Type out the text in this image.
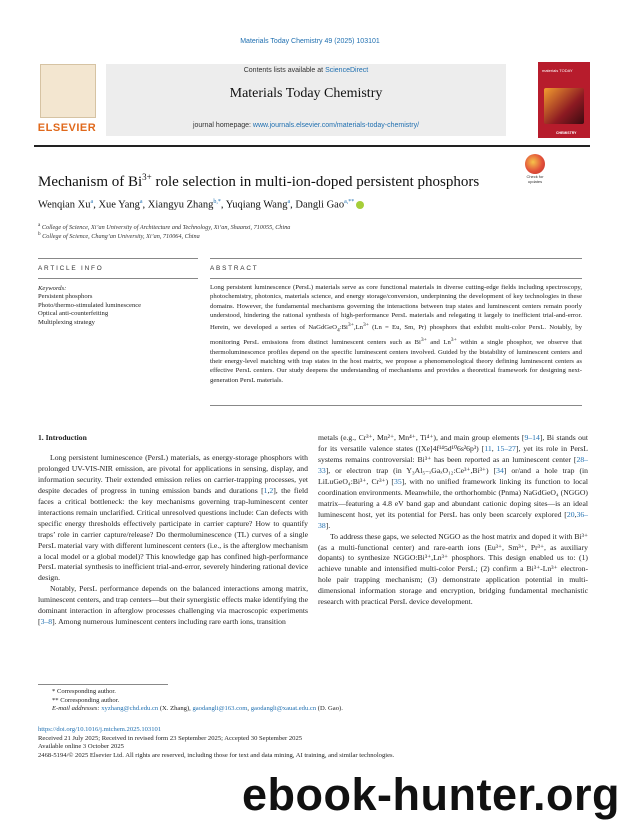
Materials Today Chemistry 49 (2025) 103101
ELSEVIER
Contents lists available at ScienceDirect
Materials Today Chemistry
journal homepage: www.journals.elsevier.com/materials-today-chemistry/
materials TODAY
CHEMISTRY
Mechanism of $Bi^{3+}$ role selection in multi-ion-doped persistent phosphors	Check for updates
Wenqian Xu$^a$, Xue Yang$^a$, Xiangyu Zhang$^{b,*}$, Yuqiang Wang$^a$, Dangli Gao$^{a,**}$
$^a$ College of Science, Xi’an University of Architecture and Technology, Xi’an, Shaanxi, 710055, China
$^b$ College of Science, Chang’an University, Xi’an, 710064, China
ARTICLE INFO	ABSTRACT
Keywords:
Persistent phosphors
Photo/thermo-stimulated luminescence
Optical anti-counterfeiting
Multiplexing strategy
Long persistent luminescence (PersL) materials serve as core functional materials in diverse cutting-edge fields including spectroscopy, photochemistry, photonics, materials science, and energy storage/conversion, underpinning the development of key technologies in these domains. However, the fundamental mechanisms governing the interactions between trap states and luminescent centers remain poorly understood, hindering the rational synthesis of high-performance PersL materials and relegating it largely to inefficient trial-and-error. Herein, we developed a series of $NaGdGeO_4:Bi^{3+},Ln^{3+}$ (Ln = Eu, Sm, Pr) phosphors that exhibit multi-color PersL. Notably, by monitoring PersL emissions from distinct luminescent centers such as $Bi^{3+}$ and $Ln^{3+}$ within a single phosphor, we observe that thermoluminescence profiles depend on the specific luminescent centers involved. Guided by the bistability of luminescent centers and their energy-level matching with trap states in the host matrix, we propose a phenomenological theory defining luminescent centers as effective PersL centers. Our study deepens the understanding of mechanisms and provides a theoretical framework for designing next-generation PersL materials.
1. Introduction

Long persistent luminescence (PersL) materials, as energy-storage phosphors with prolonged UV-VIS-NIR emission, are pivotal for applications in sensing, display, and information security. Their extended emission relies on carrier-trapping processes, yet despite decades of progress in tuning emission bands and durations [1,2], the field faces a critical bottleneck: the key mechanisms governing trap-luminescent center interactions remain unclarified. Critical unresolved questions include: Can defects with specific energy thresholds effectively participate in carrier capture? How to quantify traps’ role in carrier capture/release? Do thermoluminescence (TL) curves of a single PersL material vary with different luminescent centers (i.e., is the afterglow mechanism a local model or a global model)? This knowledge gap has confined high-performance PersL material synthesis to inefficient trial-and-error, severely hindering rational device design.

Notably, PersL performance depends on the balanced interactions among matrix, luminescent centers, and trap centers—but their synergistic effects make identifying the dominant interaction in afterglow processes challenging via macroscopic experiments [3–8]. Among numerous luminescent centers including rare earth ions, transition

metals (e.g., Cr³⁺, Mn²⁺, Mn⁴⁺, Ti⁴⁺), and main group elements [9–14], Bi stands out for its versatile valence states ([Xe]4f¹⁴5d¹⁰6s²6p³) [11, 15–27], yet its role in PersL systems remains controversial: Bi³⁺ has been reported as an luminescent center [28–33], or electron trap (in Y₃Al₅₋ₓGaₓO₁₂:Ce³⁺,Bi³⁺) [34] or/and a hole trap (in LiLuGeO₄:Bi³⁺, Cr³⁺) [35], with no unified framework linking its function to local coordination environments. Meanwhile, the orthorhombic (Pnma) NaGdGeO₄ (NGGO) matrix—featuring a 4.8 eV band gap and abundant cationic doping sites—is an ideal luminescent host, yet its potential for PersL has only been scarcely explored [20,36–38].

To address these gaps, we selected NGGO as the host matrix and doped it with Bi³⁺ (as a multi-functional center) and rare-earth ions (Eu³⁺, Sm³⁺, Pr³⁺, as auxiliary dopants) to synthesize NGGO:Bi³⁺,Ln³⁺ phosphors. This design enabled us to: (1) achieve tunable and intensified multi-color PersL; (2) confirm a Bi³⁺-Ln³⁺ electron-hole pair trapping mechanism; (3) demonstrate application potential in multi-dimensional information storage and encryption, bridging fundamental mechanistic research with practical PersL device development.

* Corresponding author.
** Corresponding author.
E-mail addresses: xyzhang@chd.edu.cn (X. Zhang), gaodangli@163.com, gaodangli@xauat.edu.cn (D. Gao).
https://doi.org/10.1016/j.mtchem.2025.103101
Received 21 July 2025; Received in revised form 23 September 2025; Accepted 30 September 2025
Available online 3 October 2025
2468-5194/© 2025 Elsevier Ltd. All rights are reserved, including those for text and data mining, AI training, and similar technologies.
ebook-hunter.org
